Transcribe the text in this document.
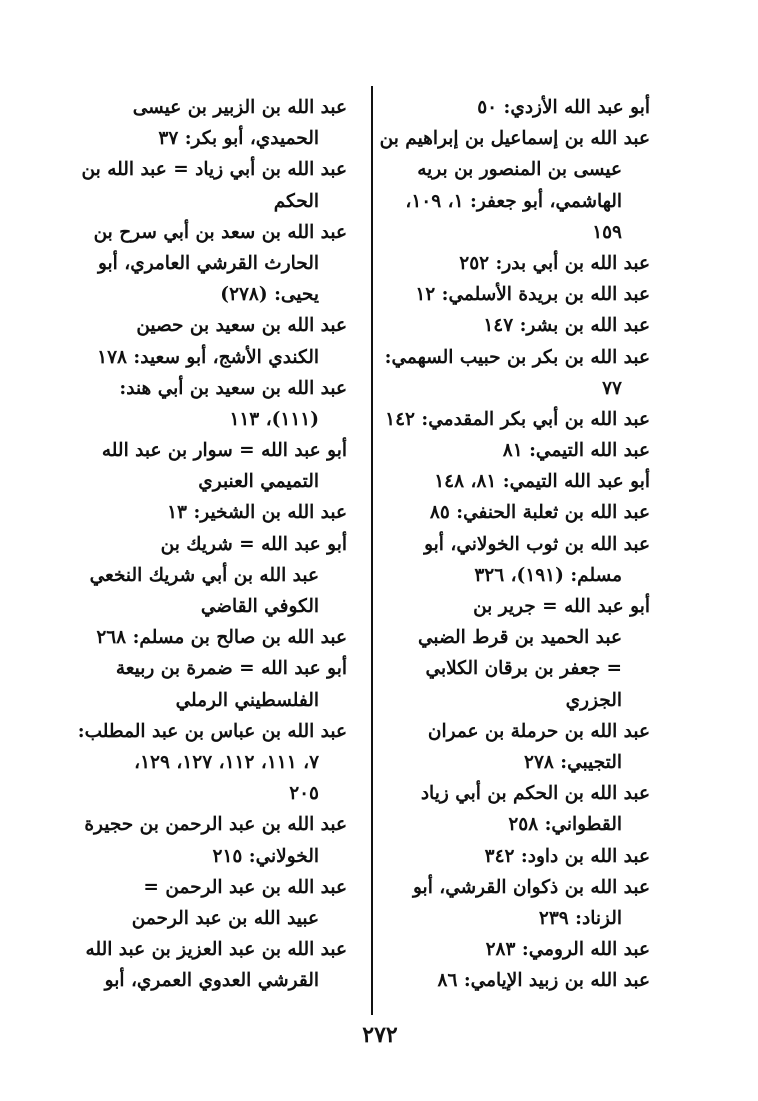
أبو عبد الله الأزدي: ٥٠
عبد الله بن إسماعيل بن إبراهيم بن
عيسى بن المنصور بن بريه
الهاشمي، أبو جعفر: ١، ١٠٩،
١٥٩
عبد الله بن أبي بدر: ٢٥٢
عبد الله بن بريدة الأسلمي: ١٢
عبد الله بن بشر: ١٤٧
عبد الله بن بكر بن حبيب السهمي:
٧٧
عبد الله بن أبي بكر المقدمي: ١٤٢
عبد الله التيمي: ٨١
أبو عبد الله التيمي: ٨١، ١٤٨
عبد الله بن ثعلبة الحنفي: ٨٥
عبد الله بن ثوب الخولاني، أبو
مسلم: (١٩١)، ٣٢٦
أبو عبد الله = جرير بن
عبد الحميد بن قرط الضبي
= جعفر بن برقان الكلابي
الجزري
عبد الله بن حرملة بن عمران
التجيبي: ٢٧٨
عبد الله بن الحكم بن أبي زياد
القطواني: ٢٥٨
عبد الله بن داود: ٣٤٢
عبد الله بن ذكوان القرشي، أبو
الزناد: ٢٣٩
عبد الله الرومي: ٢٨٣
عبد الله بن زبيد الإيامي: ٨٦
عبد الله بن الزبير بن عيسى
الحميدي، أبو بكر: ٣٧
عبد الله بن أبي زياد = عبد الله بن
الحكم
عبد الله بن سعد بن أبي سرح بن
الحارث القرشي العامري، أبو
يحيى: (٢٧٨)
عبد الله بن سعيد بن حصين
الكندي الأشج، أبو سعيد: ١٧٨
عبد الله بن سعيد بن أبي هند:
(١١١)، ١١٣
أبو عبد الله = سوار بن عبد الله
التميمي العنبري
عبد الله بن الشخير: ١٣
أبو عبد الله = شريك بن
عبد الله بن أبي شريك النخعي
الكوفي القاضي
عبد الله بن صالح بن مسلم: ٢٦٨
أبو عبد الله = ضمرة بن ربيعة
الفلسطيني الرملي
عبد الله بن عباس بن عبد المطلب:
٧، ١١١، ١١٢، ١٢٧، ١٢٩،
٢٠٥
عبد الله بن عبد الرحمن بن حجيرة
الخولاني: ٢١٥
عبد الله بن عبد الرحمن =
عبيد الله بن عبد الرحمن
عبد الله بن عبد العزيز بن عبد الله
القرشي العدوي العمري، أبو
٢٧٢
